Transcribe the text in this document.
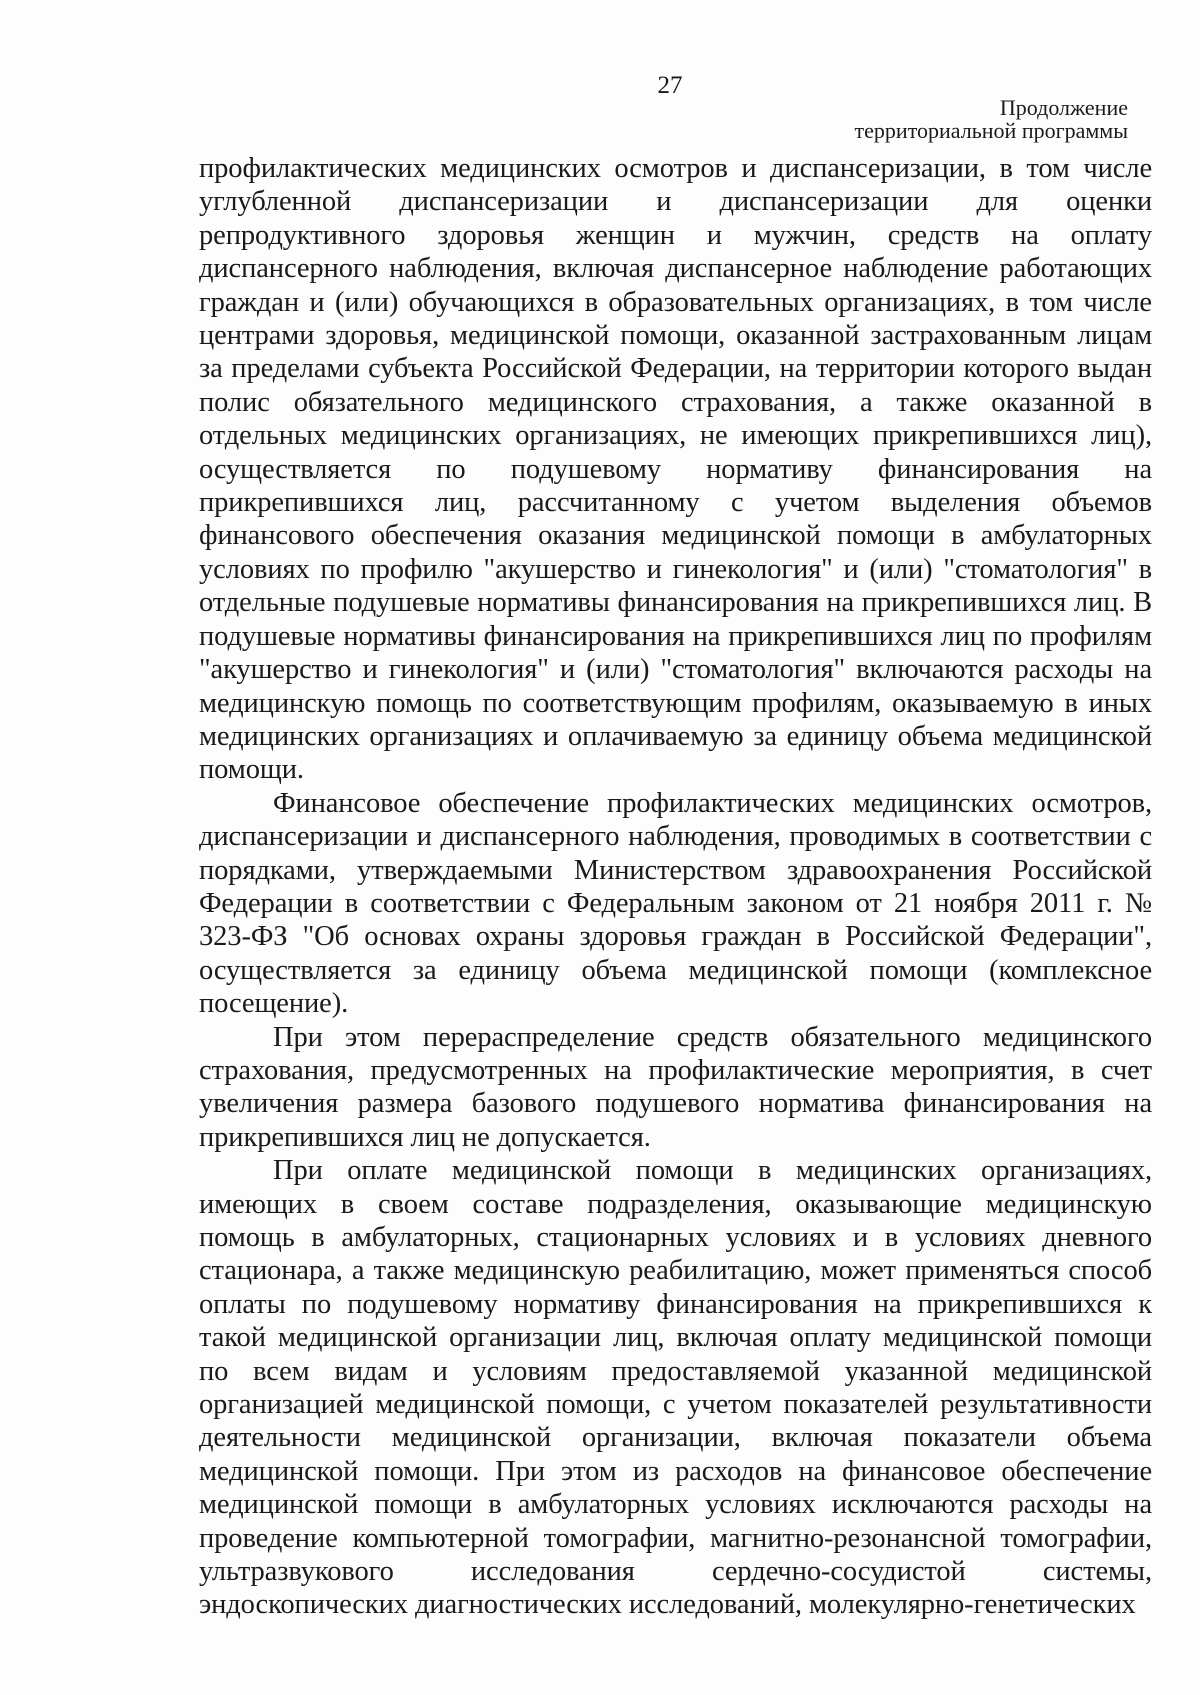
27
Продолжение
территориальной программы

профилактических медицинских осмотров и диспансеризации, в том числе углубленной диспансеризации и диспансеризации для оценки репродуктивного здоровья женщин и мужчин, средств на оплату диспансерного наблюдения, включая диспансерное наблюдение работающих граждан и (или) обучающихся в образовательных организациях, в том числе центрами здоровья, медицинской помощи, оказанной застрахованным лицам за пределами субъекта Российской Федерации, на территории которого выдан полис обязательного медицинского страхования, а также оказанной в отдельных медицинских организациях, не имеющих прикрепившихся лиц), осуществляется по подушевому нормативу финансирования на прикрепившихся лиц, рассчитанному с учетом выделения объемов финансового обеспечения оказания медицинской помощи в амбулаторных условиях по профилю "акушерство и гинекология" и (или) "стоматология" в отдельные подушевые нормативы финансирования на прикрепившихся лиц. В подушевые нормативы финансирования на прикрепившихся лиц по профилям "акушерство и гинекология" и (или) "стоматология" включаются расходы на медицинскую помощь по соответствующим профилям, оказываемую в иных медицинских организациях и оплачиваемую за единицу объема медицинской помощи.

Финансовое обеспечение профилактических медицинских осмотров, диспансеризации и диспансерного наблюдения, проводимых в соответствии с порядками, утверждаемыми Министерством здравоохранения Российской Федерации в соответствии с Федеральным законом от 21 ноября 2011 г. № 323-ФЗ "Об основах охраны здоровья граждан в Российской Федерации", осуществляется за единицу объема медицинской помощи (комплексное посещение).

При этом перераспределение средств обязательного медицинского страхования, предусмотренных на профилактические мероприятия, в счет увеличения размера базового подушевого норматива финансирования на прикрепившихся лиц не допускается.

При оплате медицинской помощи в медицинских организациях, имеющих в своем составе подразделения, оказывающие медицинскую помощь в амбулаторных, стационарных условиях и в условиях дневного стационара, а также медицинскую реабилитацию, может применяться способ оплаты по подушевому нормативу финансирования на прикрепившихся к такой медицинской организации лиц, включая оплату медицинской помощи по всем видам и условиям предоставляемой указанной медицинской организацией медицинской помощи, с учетом показателей результативности деятельности медицинской организации, включая показатели объема медицинской помощи. При этом из расходов на финансовое обеспечение медицинской помощи в амбулаторных условиях исключаются расходы на проведение компьютерной томографии, магнитно-резонансной томографии, ультразвукового исследования сердечно-сосудистой системы, эндоскопических диагностических исследований, молекулярно-генетических
